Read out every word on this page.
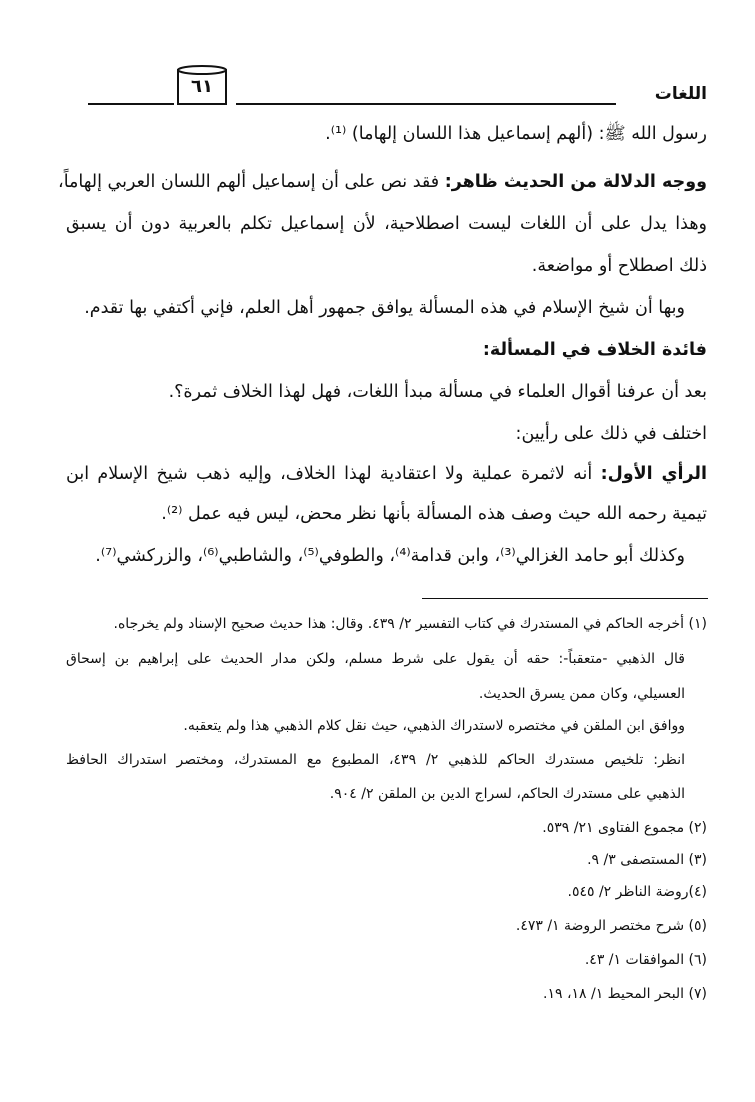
اللغات
٦١
رسول الله ﷺ: (ألهم إسماعيل هذا اللسان إلهاما) ⁽¹⁾.
ووجه الدلالة من الحديث ظاهر: فقد نص على أن إسماعيل ألهم اللسان العربي إلهاماً،
وهذا يدل على أن اللغات ليست اصطلاحية، لأن إسماعيل تكلم بالعربية دون أن يسبق
ذلك اصطلاح أو مواضعة.
وبها أن شيخ الإسلام في هذه المسألة يوافق جمهور أهل العلم، فإني أكتفي بها تقدم.
فائدة الخلاف في المسألة:
بعد أن عرفنا أقوال العلماء في مسألة مبدأ اللغات، فهل لهذا الخلاف ثمرة؟.
اختلف في ذلك على رأيين:
الرأي الأول: أنه لاثمرة عملية ولا اعتقادية لهذا الخلاف، وإليه ذهب شيخ الإسلام ابن
تيمية رحمه الله حيث وصف هذه المسألة بأنها نظر محض، ليس فيه عمل ⁽²⁾.
وكذلك أبو حامد الغزالي⁽³⁾، وابن قدامة⁽⁴⁾، والطوفي⁽⁵⁾، والشاطبي⁽⁶⁾، والزركشي⁽⁷⁾.
(١) أخرجه الحاكم في المستدرك في كتاب التفسير ٢/ ٤٣٩. وقال: هذا حديث صحيح الإسناد ولم يخرجاه.
قال الذهبي -متعقباً-: حقه أن يقول على شرط مسلم، ولكن مدار الحديث على إبراهيم بن إسحاق
العسيلي، وكان ممن يسرق الحديث.
ووافق ابن الملقن في مختصره لاستدراك الذهبي، حيث نقل كلام الذهبي هذا ولم يتعقبه.
انظر: تلخيص مستدرك الحاكم للذهبي ٢/ ٤٣٩، المطبوع مع المستدرك، ومختصر استدراك الحافظ
الذهبي على مستدرك الحاكم، لسراج الدين بن الملقن ٢/ ٩٠٤.
(٢) مجموع الفتاوى ٢١/ ٥٣٩.
(٣) المستصفى ٣/ ٩.
(٤)روضة الناظر ٢/ ٥٤٥.
(٥) شرح مختصر الروضة ١/ ٤٧٣.
(٦) الموافقات ١/ ٤٣.
(٧) البحر المحيط ١/ ١٨، ١٩.
